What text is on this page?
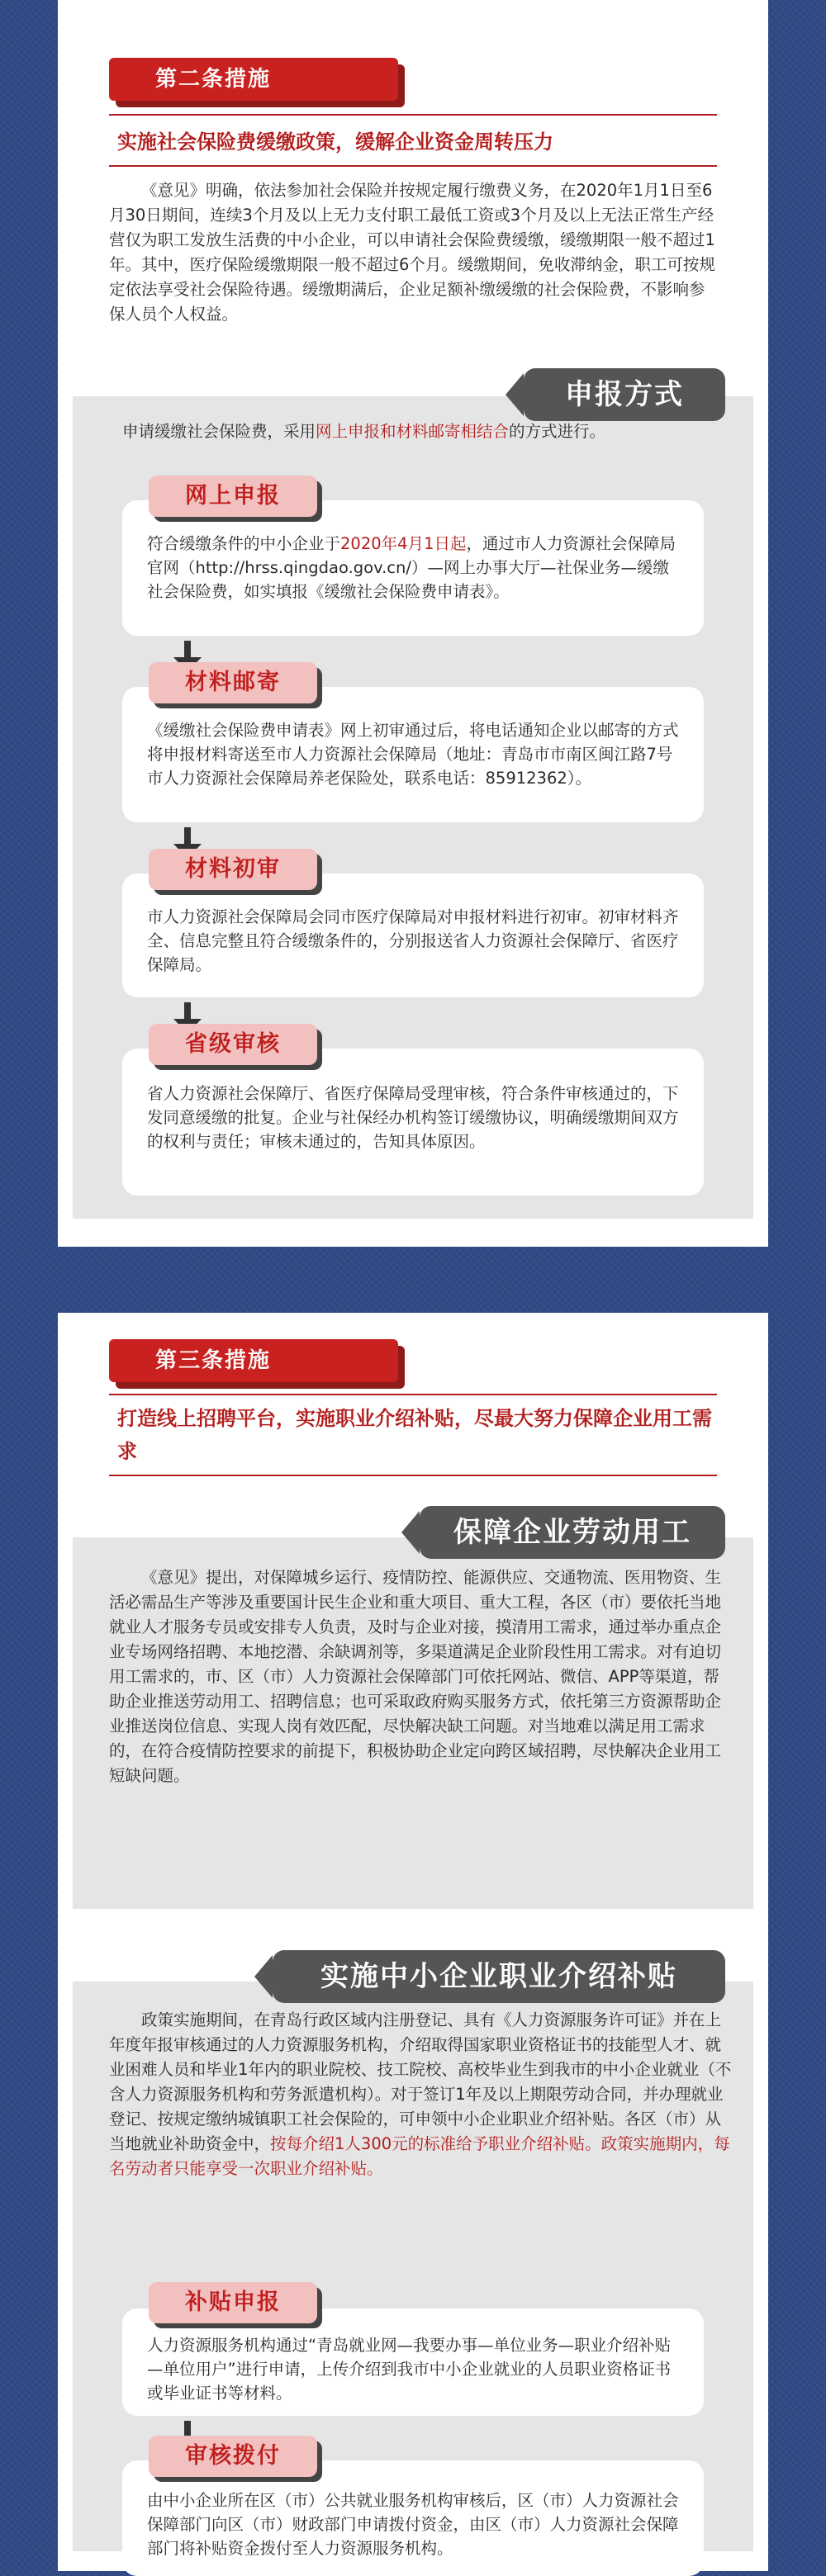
第二条措施
实施社会保险费缓缴政策，缓解企业资金周转压力
《意见》明确，依法参加社会保险并按规定履行缴费义务，在2020年1月1日至6月30日期间，连续3个月及以上无力支付职工最低工资或3个月及以上无法正常生产经营仅为职工发放生活费的中小企业，可以申请社会保险费缓缴，缓缴期限一般不超过1年。其中，医疗保险缓缴期限一般不超过6个月。缓缴期间，免收滞纳金，职工可按规定依法享受社会保险待遇。缓缴期满后，企业足额补缴缓缴的社会保险费，不影响参保人员个人权益。
申请缓缴社会保险费，采用网上申报和材料邮寄相结合的方式进行。
符合缓缴条件的中小企业于2020年4月1日起，通过市人力资源社会保障局官网（http://hrss.qingdao.gov.cn/）—网上办事大厅—社保业务—缓缴社会保险费，如实填报《缓缴社会保险费申请表》。
网上申报
《缓缴社会保险费申请表》网上初审通过后，将电话通知企业以邮寄的方式将申报材料寄送至市人力资源社会保障局（地址：青岛市市南区闽江路7号市人力资源社会保障局养老保险处，联系电话：85912362）。
材料邮寄
市人力资源社会保障局会同市医疗保障局对申报材料进行初审。初审材料齐全、信息完整且符合缓缴条件的，分别报送省人力资源社会保障厅、省医疗保障局。
材料初审
省人力资源社会保障厅、省医疗保障局受理审核，符合条件审核通过的，下发同意缓缴的批复。企业与社保经办机构签订缓缴协议，明确缓缴期间双方的权利与责任；审核未通过的，告知具体原因。
省级审核
申报方式
第三条措施
打造线上招聘平台，实施职业介绍补贴，尽最大努力保障企业用工需求
《意见》提出，对保障城乡运行、疫情防控、能源供应、交通物流、医用物资、生活必需品生产等涉及重要国计民生企业和重大项目、重大工程，各区（市）要依托当地就业人才服务专员或安排专人负责，及时与企业对接，摸清用工需求，通过举办重点企业专场网络招聘、本地挖潜、余缺调剂等，多渠道满足企业阶段性用工需求。对有迫切用工需求的，市、区（市）人力资源社会保障部门可依托网站、微信、APP等渠道，帮助企业推送劳动用工、招聘信息；也可采取政府购买服务方式，依托第三方资源帮助企业推送岗位信息、实现人岗有效匹配，尽快解决缺工问题。对当地难以满足用工需求的，在符合疫情防控要求的前提下，积极协助企业定向跨区域招聘，尽快解决企业用工短缺问题。
保障企业劳动用工
政策实施期间，在青岛行政区域内注册登记、具有《人力资源服务许可证》并在上年度年报审核通过的人力资源服务机构，介绍取得国家职业资格证书的技能型人才、就业困难人员和毕业1年内的职业院校、技工院校、高校毕业生到我市的中小企业就业（不含人力资源服务机构和劳务派遣机构）。对于签订1年及以上期限劳动合同，并办理就业登记、按规定缴纳城镇职工社会保险的，可申领中小企业职业介绍补贴。各区（市）从当地就业补助资金中，按每介绍1人300元的标准给予职业介绍补贴。政策实施期内，每名劳动者只能享受一次职业介绍补贴。
人力资源服务机构通过“青岛就业网—我要办事—单位业务—职业介绍补贴—单位用户”进行申请，上传介绍到我市中小企业就业的人员职业资格证书或毕业证书等材料。
补贴申报
由中小企业所在区（市）公共就业服务机构审核后，区（市）人力资源社会保障部门向区（市）财政部门申请拨付资金，由区（市）人力资源社会保障部门将补贴资金拨付至人力资源服务机构。
审核拨付
实施中小企业职业介绍补贴
